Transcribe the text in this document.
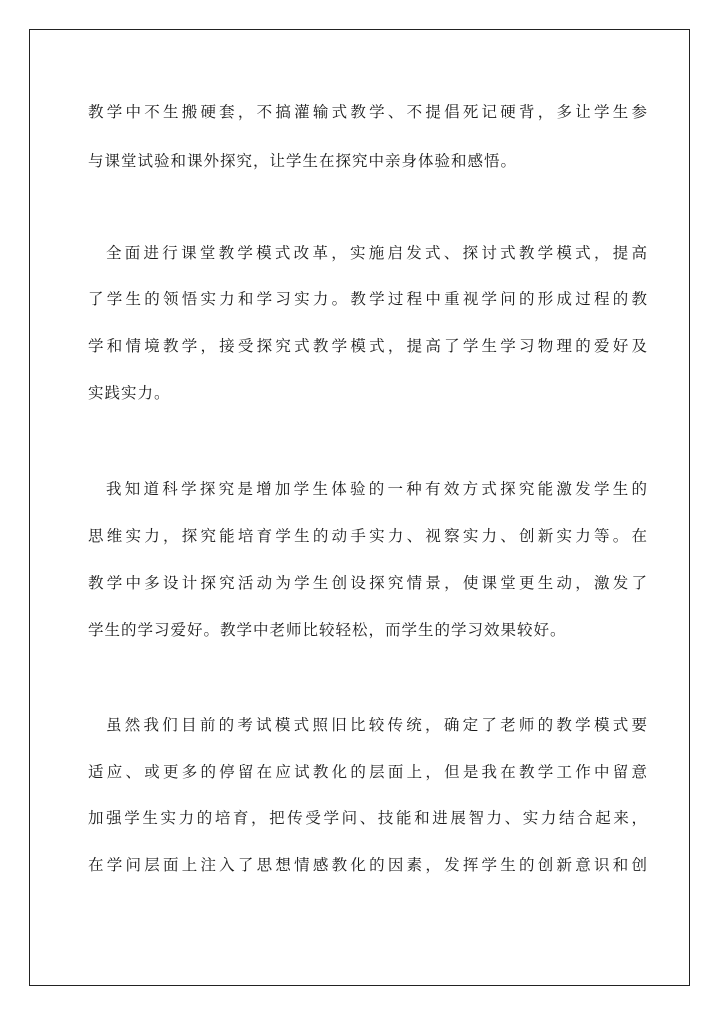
教学中不生搬硬套，不搞灌输式教学、不提倡死记硬背，多让学生参
与课堂试验和课外探究，让学生在探究中亲身体验和感悟。
全面进行课堂教学模式改革，实施启发式、探讨式教学模式，提高
了学生的领悟实力和学习实力。教学过程中重视学问的形成过程的教
学和情境教学，接受探究式教学模式，提高了学生学习物理的爱好及
实践实力。
我知道科学探究是增加学生体验的一种有效方式探究能激发学生的
思维实力，探究能培育学生的动手实力、视察实力、创新实力等。在
教学中多设计探究活动为学生创设探究情景，使课堂更生动，激发了
学生的学习爱好。教学中老师比较轻松，而学生的学习效果较好。
虽然我们目前的考试模式照旧比较传统，确定了老师的教学模式要
适应、或更多的停留在应试教化的层面上，但是我在教学工作中留意
加强学生实力的培育，把传受学问、技能和进展智力、实力结合起来，
在学问层面上注入了思想情感教化的因素，发挥学生的创新意识和创
